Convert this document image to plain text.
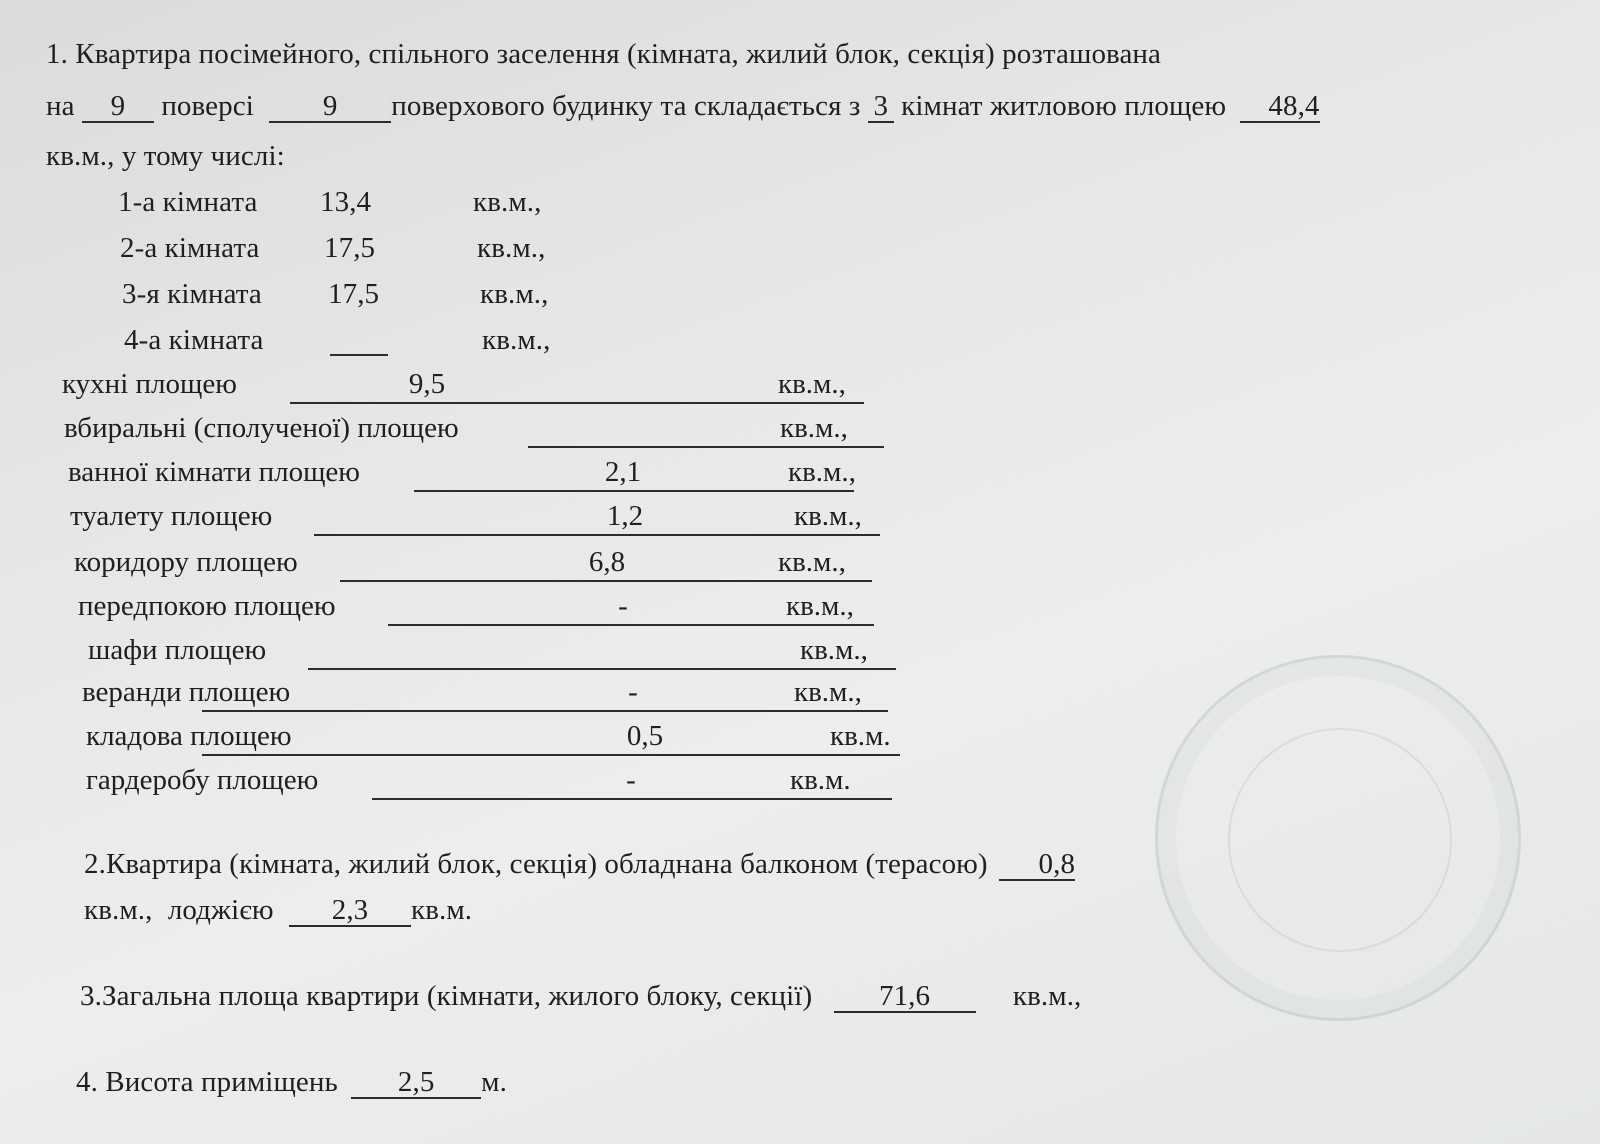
1. Квартира посімейного, спільного заселення (кімната, жилий блок, секція) розташована
на 9 поверсі 9 поверхового будинку та складається з 3 кімнат житловою площею 48,4
кв.м., у тому числі:
1-а кімната 13,4	кв.м.,
2-а кімната 17,5	кв.м.,
3-я кімната 17,5	кв.м.,
4-а кімната	кв.м.,
кухні площею	9,5	кв.м.,
вбиральні (сполученої) площею	кв.м.,
ванної кімнати площею	2,1	кв.м.,
туалету площею	1,2	кв.м.,
коридору площею	6,8	кв.м.,
передпокою площею	-	кв.м.,
шафи площею	кв.м.,
веранди площею	-	кв.м.,
кладова площею	0,5	кв.м.
гардеробу площею	-	кв.м.
2.Квартира (кімната, жилий блок, секція) обладнана балконом (терасою) 0,8
кв.м., лоджією 2,3 кв.м.
3.Загальна площа квартири (кімнати, жилого блоку, секції) 71,6	кв.м.,
4. Висота приміщень 2,5 м.
